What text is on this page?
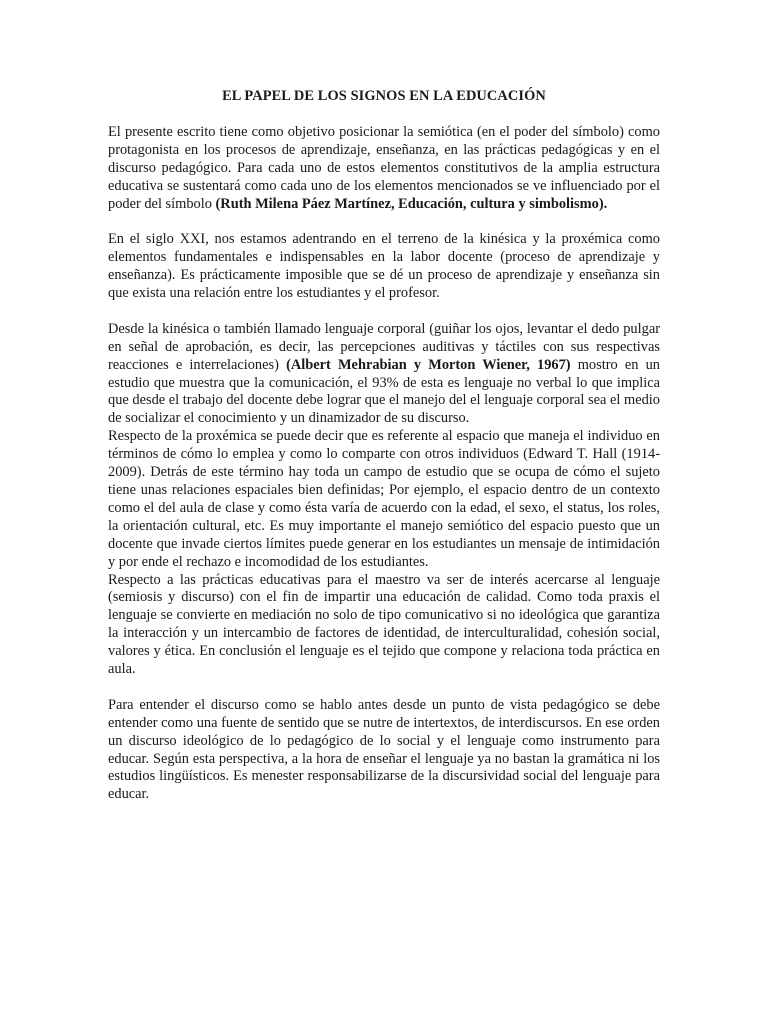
EL PAPEL DE LOS SIGNOS EN LA EDUCACIÓN

El presente escrito tiene como objetivo posicionar la semiótica (en el poder del símbolo) como protagonista en los procesos de aprendizaje, enseñanza, en las prácticas pedagógicas y en el discurso pedagógico. Para cada uno de estos elementos constitutivos de la amplia estructura educativa se sustentará como cada uno de los elementos mencionados se ve influenciado por el poder del símbolo (Ruth Milena Páez Martínez, Educación, cultura y simbolismo).

En el siglo XXI, nos estamos adentrando en el terreno de la kinésica y la proxémica como elementos fundamentales e indispensables en la labor docente (proceso de aprendizaje y enseñanza). Es prácticamente imposible que se dé un proceso de aprendizaje y enseñanza sin que exista una relación entre los estudiantes y el profesor.

Desde la kinésica o también llamado lenguaje corporal (guiñar los ojos, levantar el dedo pulgar en señal de aprobación, es decir, las percepciones auditivas y táctiles con sus respectivas reacciones e interrelaciones) (Albert Mehrabian y Morton Wiener, 1967) mostro en un estudio que muestra que la comunicación, el 93% de esta es lenguaje no verbal lo que implica que desde el trabajo del docente debe lograr que el manejo del el lenguaje corporal sea el medio de socializar el conocimiento y un dinamizador de su discurso.

Respecto de la proxémica se puede decir que es referente al espacio que maneja el individuo en términos de cómo lo emplea y como lo comparte con otros individuos (Edward T. Hall (1914-2009). Detrás de este término hay toda un campo de estudio que se ocupa de cómo el sujeto tiene unas relaciones espaciales bien definidas; Por ejemplo, el espacio dentro de un contexto como el del aula de clase y como ésta varía de acuerdo con la edad, el sexo, el status, los roles, la orientación cultural, etc. Es muy importante el manejo semiótico del espacio puesto que un docente que invade ciertos límites puede generar en los estudiantes un mensaje de intimidación y por ende el rechazo e incomodidad de los estudiantes.

Respecto a las prácticas educativas para el maestro va ser de interés acercarse al lenguaje (semiosis y discurso) con el fin de impartir una educación de calidad. Como toda praxis el lenguaje se convierte en mediación no solo de tipo comunicativo si no ideológica que garantiza la interacción y un intercambio de factores de identidad, de interculturalidad, cohesión social, valores y ética. En conclusión el lenguaje es el tejido que compone y relaciona toda práctica en aula.

Para entender el discurso como se hablo antes desde un punto de vista pedagógico se debe entender como una fuente de sentido que se nutre de intertextos, de interdiscursos. En ese orden un discurso ideológico de lo pedagógico de lo social y el lenguaje como instrumento para educar. Según esta perspectiva, a la hora de enseñar el lenguaje ya no bastan la gramática ni los estudios lingüísticos. Es menester responsabilizarse de la discursividad social del lenguaje para educar.
